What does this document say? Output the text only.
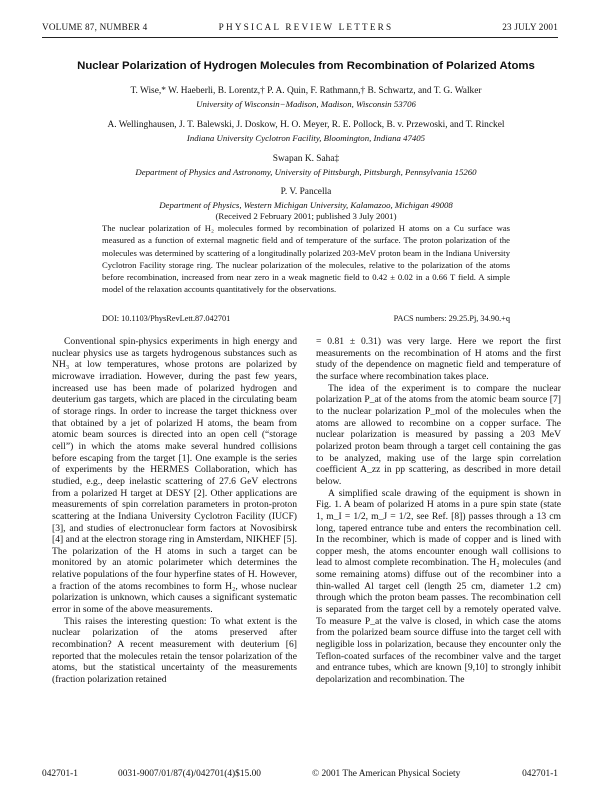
VOLUME 87, NUMBER 4	PHYSICAL REVIEW LETTERS	23 JULY 2001
Nuclear Polarization of Hydrogen Molecules from Recombination of Polarized Atoms
T. Wise,* W. Haeberli, B. Lorentz,† P. A. Quin, F. Rathmann,† B. Schwartz, and T. G. Walker
University of Wisconsin−Madison, Madison, Wisconsin 53706
A. Wellinghausen, J. T. Balewski, J. Doskow, H. O. Meyer, R. E. Pollock, B. v. Przewoski, and T. Rinckel
Indiana University Cyclotron Facility, Bloomington, Indiana 47405
Swapan K. Saha‡
Department of Physics and Astronomy, University of Pittsburgh, Pittsburgh, Pennsylvania 15260
P. V. Pancella
Department of Physics, Western Michigan University, Kalamazoo, Michigan 49008
(Received 2 February 2001; published 3 July 2001)
The nuclear polarization of H₂ molecules formed by recombination of polarized H atoms on a Cu surface was measured as a function of external magnetic field and of temperature of the surface. The proton polarization of the molecules was determined by scattering of a longitudinally polarized 203-MeV proton beam in the Indiana University Cyclotron Facility storage ring. The nuclear polarization of the molecules, relative to the polarization of the atoms before recombination, increased from near zero in a weak magnetic field to 0.42 ± 0.02 in a 0.66 T field. A simple model of the relaxation accounts quantitatively for the observations.
DOI: 10.1103/PhysRevLett.87.042701	PACS numbers: 29.25.Pj, 34.90.+q

Conventional spin-physics experiments in high energy and nuclear physics use as targets hydrogenous substances such as NH₃ at low temperatures, whose protons are polarized by microwave irradiation. However, during the past few years, increased use has been made of polarized hydrogen and deuterium gas targets, which are placed in the circulating beam of storage rings. In order to increase the target thickness over that obtained by a jet of polarized H atoms, the beam from atomic beam sources is directed into an open cell (“storage cell”) in which the atoms make several hundred collisions before escaping from the target [1]. One example is the series of experiments by the HERMES Collaboration, which has studied, e.g., deep inelastic scattering of 27.6 GeV electrons from a polarized H target at DESY [2]. Other applications are measurements of spin correlation parameters in proton-proton scattering at the Indiana University Cyclotron Facility (IUCF) [3], and studies of electronuclear form factors at Novosibirsk [4] and at the electron storage ring in Amsterdam, NIKHEF [5]. The polarization of the H atoms in such a target can be monitored by an atomic polarimeter which determines the relative populations of the four hyperfine states of H. However, a fraction of the atoms recombines to form H₂, whose nuclear polarization is unknown, which causes a significant systematic error in some of the above measurements.

This raises the interesting question: To what extent is the nuclear polarization of the atoms preserved after recombination? A recent measurement with deuterium [6] reported that the molecules retain the tensor polarization of the atoms, but the statistical uncertainty of the measurements (fraction polarization retained

= 0.81 ± 0.31) was very large. Here we report the first measurements on the recombination of H atoms and the first study of the dependence on magnetic field and temperature of the surface where recombination takes place.

The idea of the experiment is to compare the nuclear polarization P_at of the atoms from the atomic beam source [7] to the nuclear polarization P_mol of the molecules when the atoms are allowed to recombine on a copper surface. The nuclear polarization is measured by passing a 203 MeV polarized proton beam through a target cell containing the gas to be analyzed, making use of the large spin correlation coefficient A_zz in pp scattering, as described in more detail below.

A simplified scale drawing of the equipment is shown in Fig. 1. A beam of polarized H atoms in a pure spin state (state 1, m_I = 1/2, m_J = 1/2, see Ref. [8]) passes through a 13 cm long, tapered entrance tube and enters the recombination cell. In the recombiner, which is made of copper and is lined with copper mesh, the atoms encounter enough wall collisions to lead to almost complete recombination. The H₂ molecules (and some remaining atoms) diffuse out of the recombiner into a thin-walled Al target cell (length 25 cm, diameter 1.2 cm) through which the proton beam passes. The recombination cell is separated from the target cell by a remotely operated valve. To measure P_at the valve is closed, in which case the atoms from the polarized beam source diffuse into the target cell with negligible loss in polarization, because they encounter only the Teflon-coated surfaces of the recombiner valve and the target and entrance tubes, which are known [9,10] to strongly inhibit depolarization and recombination. The

042701-1	0031-9007/01/87(4)/042701(4)$15.00	© 2001 The American Physical Society	042701-1
